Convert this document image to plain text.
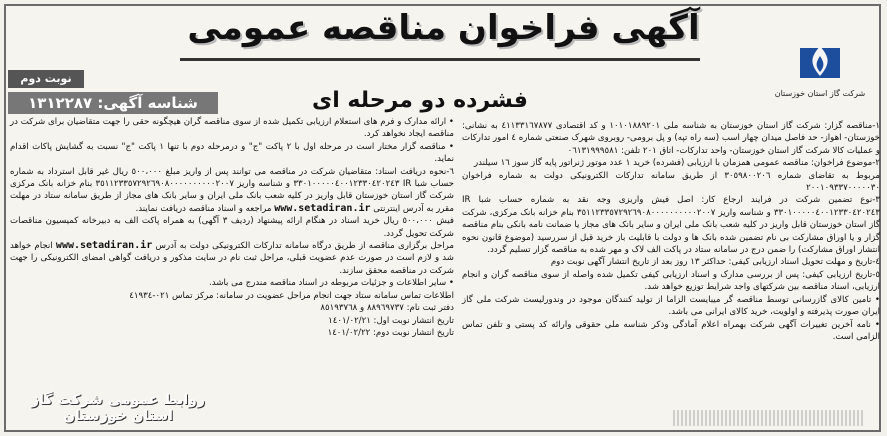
آگهی فراخوان مناقصه عمومی
شرکت گاز استان خوزستان
نوبت دوم
شناسه آگهی: ١٣١٢٢٨٧	فشرده دو مرحله ای

١-مناقصه گزار: شرکت گاز استان خوزستان به شناسه ملی ١٠١٠١٨٨٩٢٠١ و کد اقتصادی ٤١١٣٣١٦٧٨٧٧ به نشانی: خوزستان- اهواز- حد فاصل میدان چهار اسب (سه راه تپه) و پل برومی- روبروی شهرک صنعتی شماره ٤ امور تدارکات و عملیات کالا شرکت گاز استان خوزستان- واحد تدارکات- اتاق ٢٠١ تلفن: ٠٦١٣١٩٩٩٥٨١

٢-موضوع فراخوان: مناقصه عمومی همزمان با ارزیابی (فشرده) خرید ١ عدد موتور ژنراتور پایه گاز سوز ١٦ سیلندر

مربوط به تقاضای شماره ٣٠٥٩٨٠٠٢٠٦ از طریق سامانه تدارکات الکترونیکی دولت به شماره فراخوان ٢٠٠١٠٩٣٣٧٠٠٠٠٠٣٠

٣-نوع تضمین شرکت در فرایند ارجاع کار: اصل فیش واریزی وجه نقد به شماره حساب شبا IR ٣٣٠١٠٠٠٠٠٤٠٠١٢٣٣٠٤٢٠٢٤٣ و شناسه واریز ٣٥١١٢٣٣٥٧٢٩٢٦٩٠٨٠٠٠٠٠٠٠٠٠٠٢٠٠٧ بنام خزانه بانک مرکزی، شرکت گاز استان خوزستان قابل واریز در کلیه شعب بانک ملی ایران و سایر بانک های مجاز یا ضمانت نامه بانکی بنام مناقصه گزار و یا اوراق مشارکت بی نام تضمین شده بانک ها و دولت با قابلیت باز خرید قبل از سررسید (موضوع قانون نحوه انتشار اوراق مشارکت) را ضمن درج در سامانه ستاد در پاکت الف لاک و مهر شده به مناقصه گزار تسلیم گردد.

٤-تاریخ و مهلت تحویل اسناد ارزیابی کیفی: حداکثر ١٣ روز بعد از تاریخ انتشار آگهی نوبت دوم

٥-تاریخ ارزیابی کیفی: پس از بررسی مدارک و اسناد ارزیابی کیفی تکمیل شده واصله از سوی مناقصه گران و انجام ارزیابی، اسناد مناقصه بین شرکتهای واجد شرایط توزیع خواهد شد.

• تامین کالای گازرسانی توسط مناقصه گر میبایست الزاما از تولید کنندگان موجود در وندورلیست شرکت ملی گاز ایران صورت پذیرفته و اولویت، خرید کالای ایرانی می باشد.

• نامه آخرین تغییرات آگهی شرکت بهمراه اعلام آمادگی وذکر شناسه ملی حقوقی وارائه کد پستی و تلفن تماس الزامی است.

• ارائه مدارک و فرم های استعلام ارزیابی تکمیل شده از سوی مناقصه گران هیچگونه حقی را جهت متقاضیان برای شرکت در مناقصه ایجاد نخواهد کرد.

• مناقصه گزار مختار است در مرحله اول با ٢ پاکت "ج" و درمرحله دوم با تنها ١ پاکت "ج" نسبت به گشایش پاکات اقدام نماید.

٦-نحوه دریافت اسناد: متقاضیان شرکت در مناقصه می توانند پس از واریز مبلغ ٥٠٠،٠٠٠ ریال غیر قابل استرداد به شماره حساب شبا IR ٣٣٠١٠٠٠٠٠٤٠٠١٢٣٣٠٤٢٠٢٤٣ و شناسه واریز ٣٥١١٢٣٣٥٧٢٩٢٦٩٠٨٠٠٠٠٠٠٠٠٠٠٢٠٠٧ بنام خزانه بانک مرکزی شرکت گاز استان خوزستان قابل واریز در کلیه شعب بانک ملی ایران و سایر بانک های مجاز از طریق سامانه ستاد در مهلت مقرر به آدرس اینترنتی www.setadiran.ir مراجعه و اسناد مناقصه دریافت نمایند.

فیش ٥٠٠،٠٠٠ ریال خرید اسناد در هنگام ارائه پیشنهاد (ردیف ٣ آگهی) به همراه پاکت الف به دبیرخانه کمیسیون مناقصات شرکت تحویل گردد.

مراحل برگزاری مناقصه از طریق درگاه سامانه تدارکات الکترونیکی دولت به آدرس www.setadiran.ir انجام خواهد شد و لازم است در صورت عدم عضویت قبلی، مراحل ثبت نام در سایت مذکور و دریافت گواهی امضای الکترونیکی را جهت شرکت در مناقصه محقق سازند.

• سایر اطلاعات و جزئیات مربوطه در اسناد مناقصه مندرج می باشد.

اطلاعات تماس سامانه ستاد جهت انجام مراحل عضویت در سامانه: مرکز تماس ٠٢١-٤١٩٣٤

دفتر ثبت نام: ٨٨٩٦٩٧٣٧ و ٨٥١٩٣٧٦٨

تاریخ انتشار نوبت اول: ١٤٠١/٠٢/٢١

تاریخ انتشار نوبت دوم: ١٤٠١/٠٢/٢٢

روابط عمومی شرکت گاز استان خوزستان
